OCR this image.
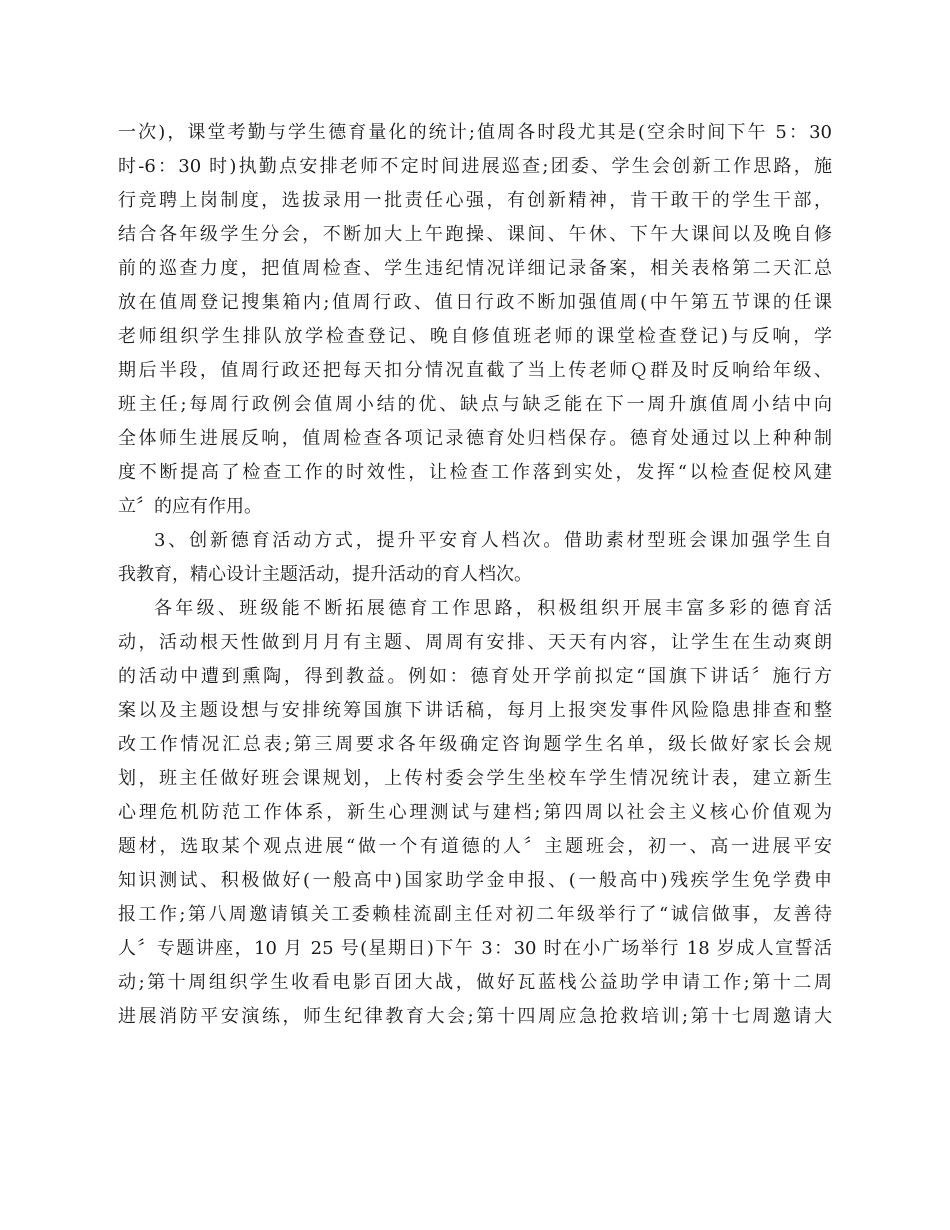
一次)，课堂考勤与学生德育量化的统计;值周各时段尤其是(空余时间下午 5：30
时-6：30 时)执勤点安排老师不定时间进展巡查;团委、学生会创新工作思路，施
行竞聘上岗制度，选拔录用一批责任心强，有创新精神，肯干敢干的学生干部，
结合各年级学生分会，不断加大上午跑操、课间、午休、下午大课间以及晚自修
前的巡查力度，把值周检查、学生违纪情况详细记录备案，相关表格第二天汇总
放在值周登记搜集箱内;值周行政、值日行政不断加强值周(中午第五节课的任课
老师组织学生排队放学检查登记、晚自修值班老师的课堂检查登记)与反响，学
期后半段，值周行政还把每天扣分情况直截了当上传老师Ｑ群及时反响给年级、
班主任;每周行政例会值周小结的优、缺点与缺乏能在下一周升旗值周小结中向
全体师生进展反响，值周检查各项记录德育处归档保存。德育处通过以上种种制
度不断提高了检查工作的时效性，让检查工作落到实处，发挥“以检查促校风建
立〞的应有作用。
3、创新德育活动方式，提升平安育人档次。借助素材型班会课加强学生自
我教育，精心设计主题活动，提升活动的育人档次。
各年级、班级能不断拓展德育工作思路，积极组织开展丰富多彩的德育活
动，活动根天性做到月月有主题、周周有安排、天天有内容，让学生在生动爽朗
的活动中遭到熏陶，得到教益。例如：德育处开学前拟定“国旗下讲话〞施行方
案以及主题设想与安排统筹国旗下讲话稿，每月上报突发事件风险隐患排查和整
改工作情况汇总表;第三周要求各年级确定咨询题学生名单，级长做好家长会规
划，班主任做好班会课规划，上传村委会学生坐校车学生情况统计表，建立新生
心理危机防范工作体系，新生心理测试与建档;第四周以社会主义核心价值观为
题材，选取某个观点进展“做一个有道德的人〞主题班会，初一、高一进展平安
知识测试、积极做好(一般高中)国家助学金申报、(一般高中)残疾学生免学费申
报工作;第八周邀请镇关工委赖桂流副主任对初二年级举行了“诚信做事，友善待
人〞专题讲座，10 月 25 号(星期日)下午 3：30 时在小广场举行 18 岁成人宣誓活
动;第十周组织学生收看电影百团大战，做好瓦蓝栈公益助学申请工作;第十二周
进展消防平安演练，师生纪律教育大会;第十四周应急抢救培训;第十七周邀请大
